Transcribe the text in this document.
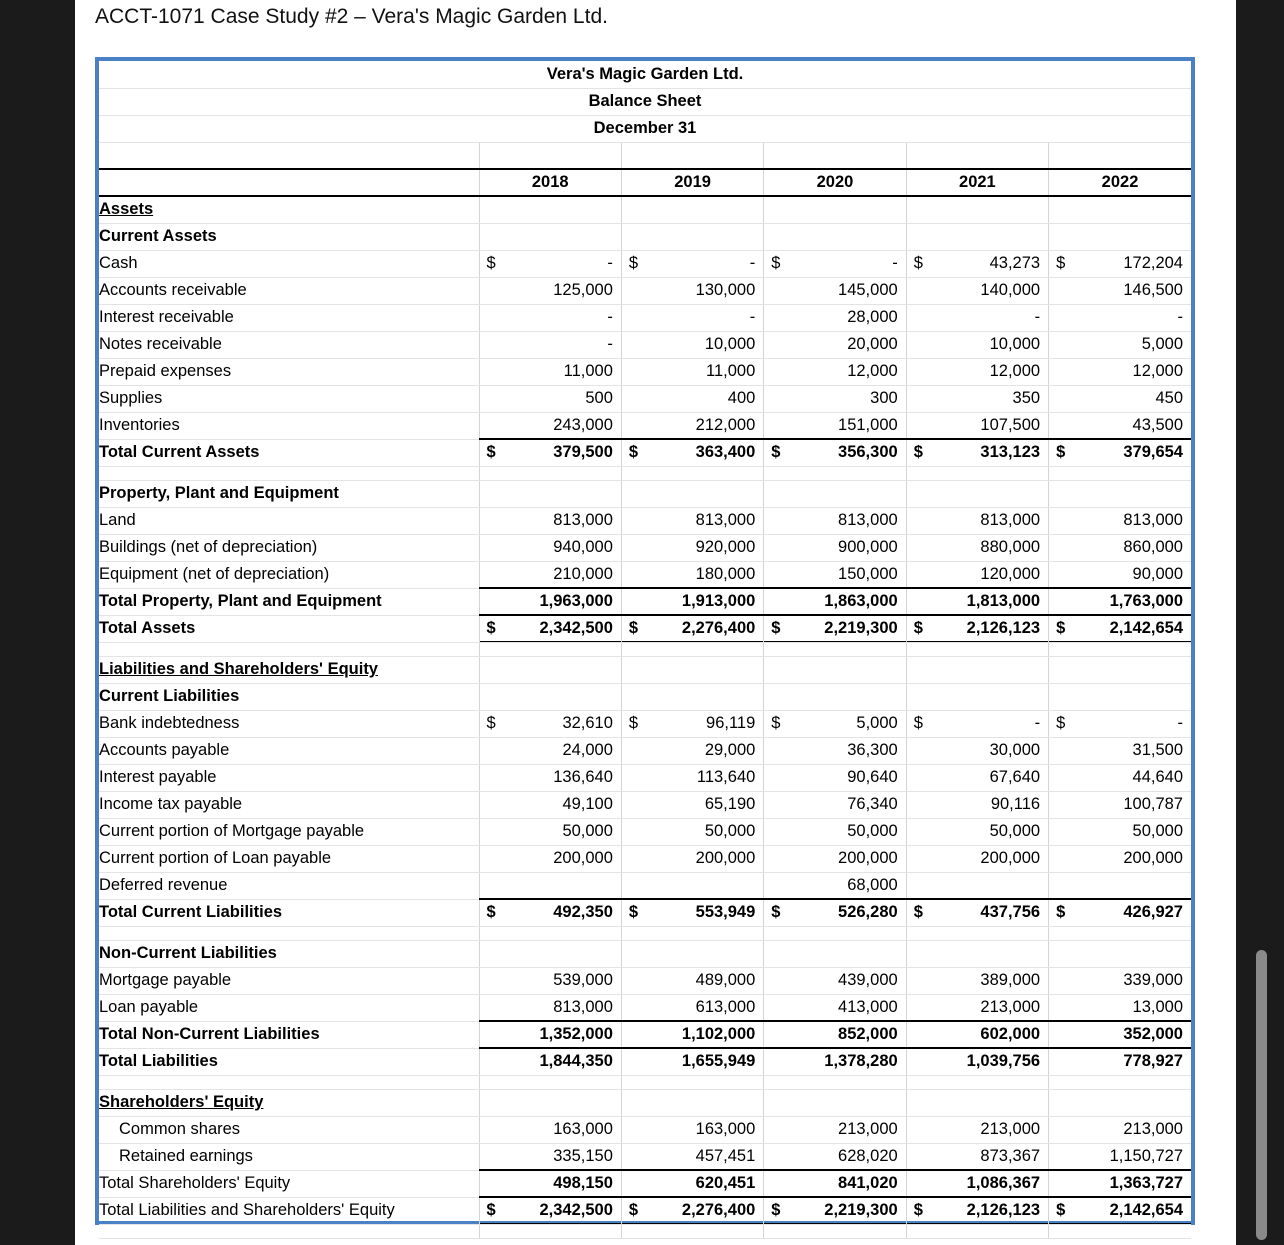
ACCT-1071 Case Study #2 – Vera's Magic Garden Ltd.
Vera's Magic Garden Ltd.					
Balance Sheet					
December 31					

	2018	2019	2020	2021	2022
Assets					
Current Assets					
Cash	$ -	$ -	$ -	$ 43,273	$ 172,204

Accounts receivable	125,000	130,000	145,000	140,000	146,500

Interest receivable	-	-	28,000	-	-

Notes receivable	-	10,000	20,000	10,000	5,000

Prepaid expenses	11,000	11,000	12,000	12,000	12,000

Supplies	500	400	300	350	450

Inventories	243,000	212,000	151,000	107,500	43,500

Total Current Assets	$ 379,500	$ 363,400	$ 356,300	$ 313,123	$ 379,654

Property, Plant and Equipment					
Land	813,000	813,000	813,000	813,000	813,000

Buildings (net of depreciation)	940,000	920,000	900,000	880,000	860,000

Equipment (net of depreciation)	210,000	180,000	150,000	120,000	90,000

Total Property, Plant and Equipment	1,963,000	1,913,000	1,863,000	1,813,000	1,763,000

Total Assets	$ 2,342,500	$ 2,276,400	$ 2,219,300	$ 2,126,123	$ 2,142,654

Liabilities and Shareholders' Equity					
Current Liabilities					
Bank indebtedness	$ 32,610	$ 96,119	$ 5,000	$ -	$ -

Accounts payable	24,000	29,000	36,300	30,000	31,500

Interest payable	136,640	113,640	90,640	67,640	44,640

Income tax payable	49,100	65,190	76,340	90,116	100,787

Current portion of Mortgage payable	50,000	50,000	50,000	50,000	50,000

Current portion of Loan payable	200,000	200,000	200,000	200,000	200,000

Deferred revenue			68,000		

Total Current Liabilities	$ 492,350	$ 553,949	$ 526,280	$ 437,756	$ 426,927

Non-Current Liabilities					
Mortgage payable	539,000	489,000	439,000	389,000	339,000

Loan payable	813,000	613,000	413,000	213,000	13,000

Total Non-Current Liabilities	1,352,000	1,102,000	852,000	602,000	352,000

Total Liabilities	1,844,350	1,655,949	1,378,280	1,039,756	778,927

Shareholders' Equity					
Common shares	163,000	163,000	213,000	213,000	213,000

Retained earnings	335,150	457,451	628,020	873,367	1,150,727

Total Shareholders' Equity	498,150	620,451	841,020	1,086,367	1,363,727

Total Liabilities and Shareholders' Equity	$ 2,342,500	$ 2,276,400	$ 2,219,300	$ 2,126,123	$ 2,142,654
